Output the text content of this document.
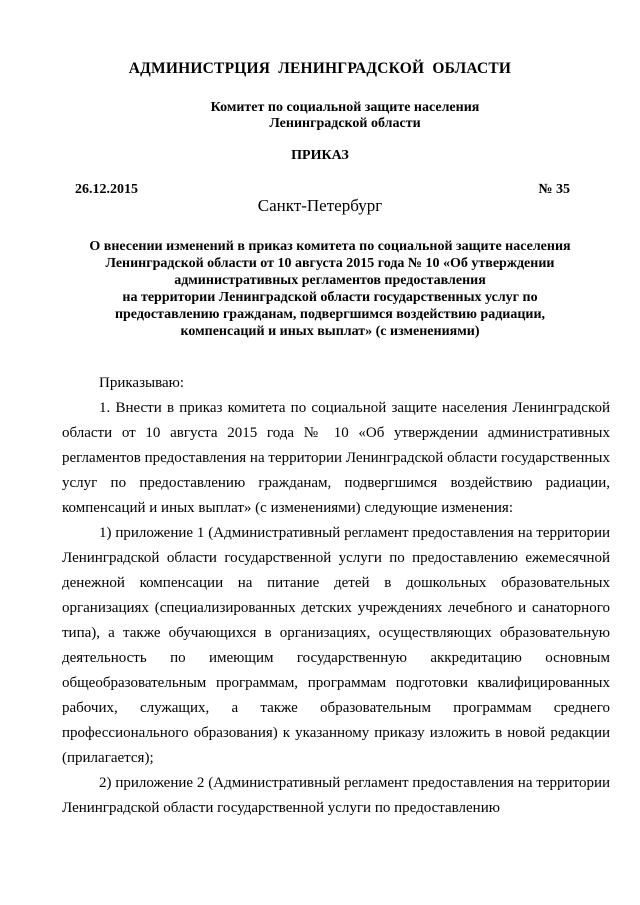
АДМИНИСТРЦИЯ ЛЕНИНГРАДСКОЙ ОБЛАСТИ
Комитет по социальной защите населения
Ленинградской области
ПРИКАЗ
26.12.2015	№ 35
Санкт-Петербург
О внесении изменений в приказ комитета по социальной защите населения
Ленинградской области от 10 августа 2015 года № 10 «Об утверждении
административных регламентов предоставления
на территории Ленинградской области государственных услуг по
предоставлению гражданам, подвергшимся воздействию радиации,
компенсаций и иных выплат» (с изменениями)

Приказываю:

1. Внести в приказ комитета по социальной защите населения Ленинградской области от 10 августа 2015 года № 10 «Об утверждении административных регламентов предоставления на территории Ленинградской области государственных услуг по предоставлению гражданам, подвергшимся воздействию радиации, компенсаций и иных выплат» (с изменениями) следующие изменения:

1) приложение 1 (Административный регламент предоставления на территории Ленинградской области государственной услуги по предоставлению ежемесячной денежной компенсации на питание детей в дошкольных образовательных организациях (специализированных детских учреждениях лечебного и санаторного типа), а также обучающихся в организациях, осуществляющих образовательную деятельность по имеющим государственную аккредитацию основным общеобразовательным программам, программам подготовки квалифицированных рабочих, служащих, а также образовательным программам среднего профессионального образования) к указанному приказу изложить в новой редакции (прилагается);

2) приложение 2 (Административный регламент предоставления на территории Ленинградской области государственной услуги по предоставлению
